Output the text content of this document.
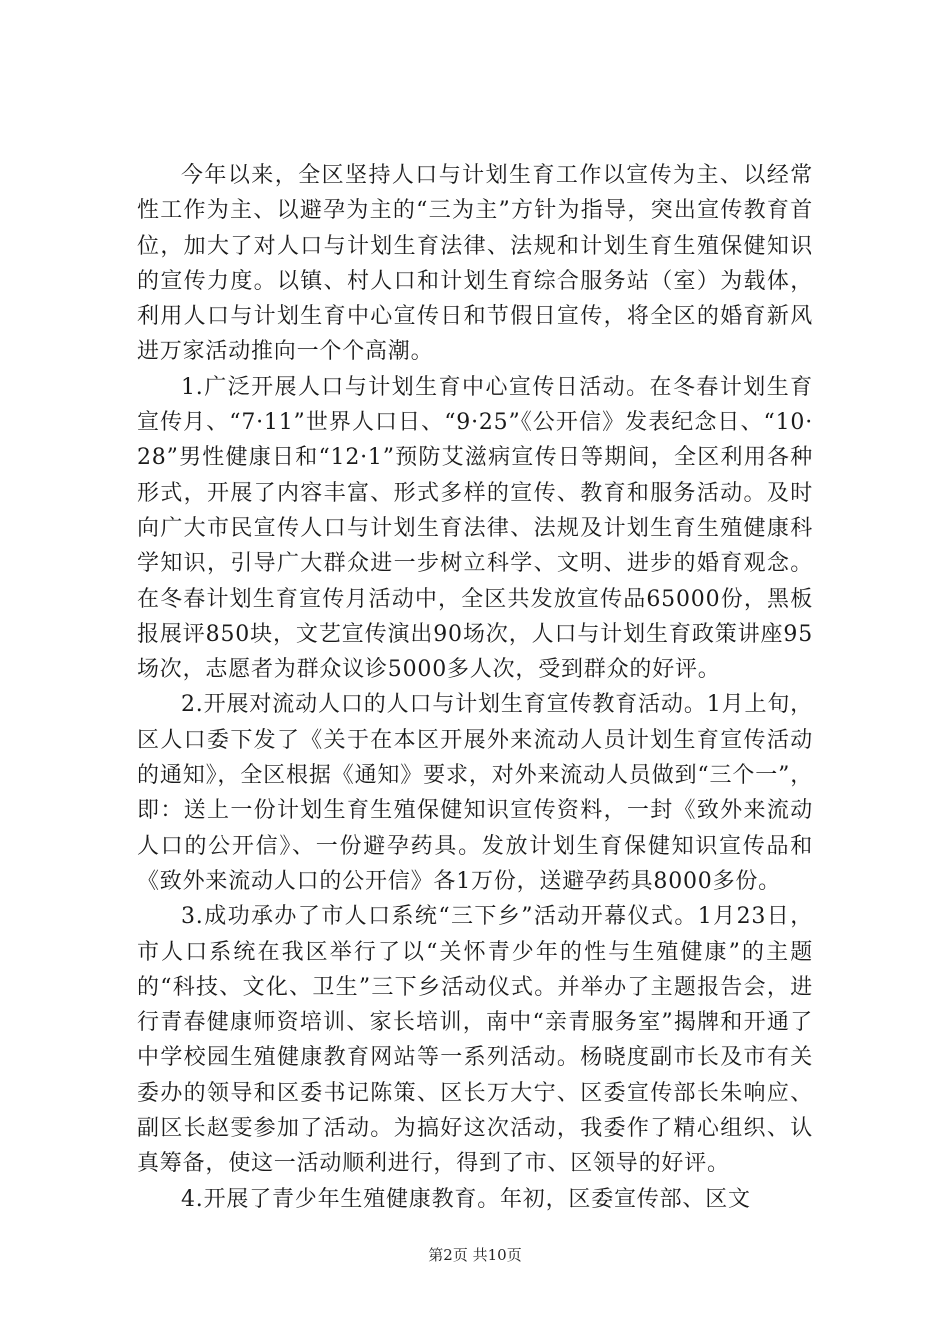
今年以来，全区坚持人口与计划生育工作以宣传为主、以经常性工作为主、以避孕为主的“三为主”方针为指导，突出宣传教育首位，加大了对人口与计划生育法律、法规和计划生育生殖保健知识的宣传力度。以镇、村人口和计划生育综合服务站（室）为载体，利用人口与计划生育中心宣传日和节假日宣传，将全区的婚育新风进万家活动推向一个个高潮。

1.广泛开展人口与计划生育中心宣传日活动。在冬春计划生育宣传月、“7·11”世界人口日、“9·25”《公开信》发表纪念日、“10·28”男性健康日和“12·1”预防艾滋病宣传日等期间，全区利用各种形式，开展了内容丰富、形式多样的宣传、教育和服务活动。及时向广大市民宣传人口与计划生育法律、法规及计划生育生殖健康科学知识，引导广大群众进一步树立科学、文明、进步的婚育观念。在冬春计划生育宣传月活动中，全区共发放宣传品65000份，黑板报展评850块，文艺宣传演出90场次，人口与计划生育政策讲座95场次，志愿者为群众议诊5000多人次，受到群众的好评。

2.开展对流动人口的人口与计划生育宣传教育活动。1月上旬，区人口委下发了《关于在本区开展外来流动人员计划生育宣传活动的通知》，全区根据《通知》要求，对外来流动人员做到“三个一”，即：送上一份计划生育生殖保健知识宣传资料，一封《致外来流动人口的公开信》、一份避孕药具。发放计划生育保健知识宣传品和《致外来流动人口的公开信》各1万份，送避孕药具8000多份。

3.成功承办了市人口系统“三下乡”活动开幕仪式。1月23日，市人口系统在我区举行了以“关怀青少年的性与生殖健康”的主题的“科技、文化、卫生”三下乡活动仪式。并举办了主题报告会，进行青春健康师资培训、家长培训，南中“亲青服务室”揭牌和开通了中学校园生殖健康教育网站等一系列活动。杨晓度副市长及市有关委办的领导和区委书记陈策、区长万大宁、区委宣传部长朱响应、副区长赵雯参加了活动。为搞好这次活动，我委作了精心组织、认真筹备，使这一活动顺利进行，得到了市、区领导的好评。

4.开展了青少年生殖健康教育。年初，区委宣传部、区文

第2页 共10页
